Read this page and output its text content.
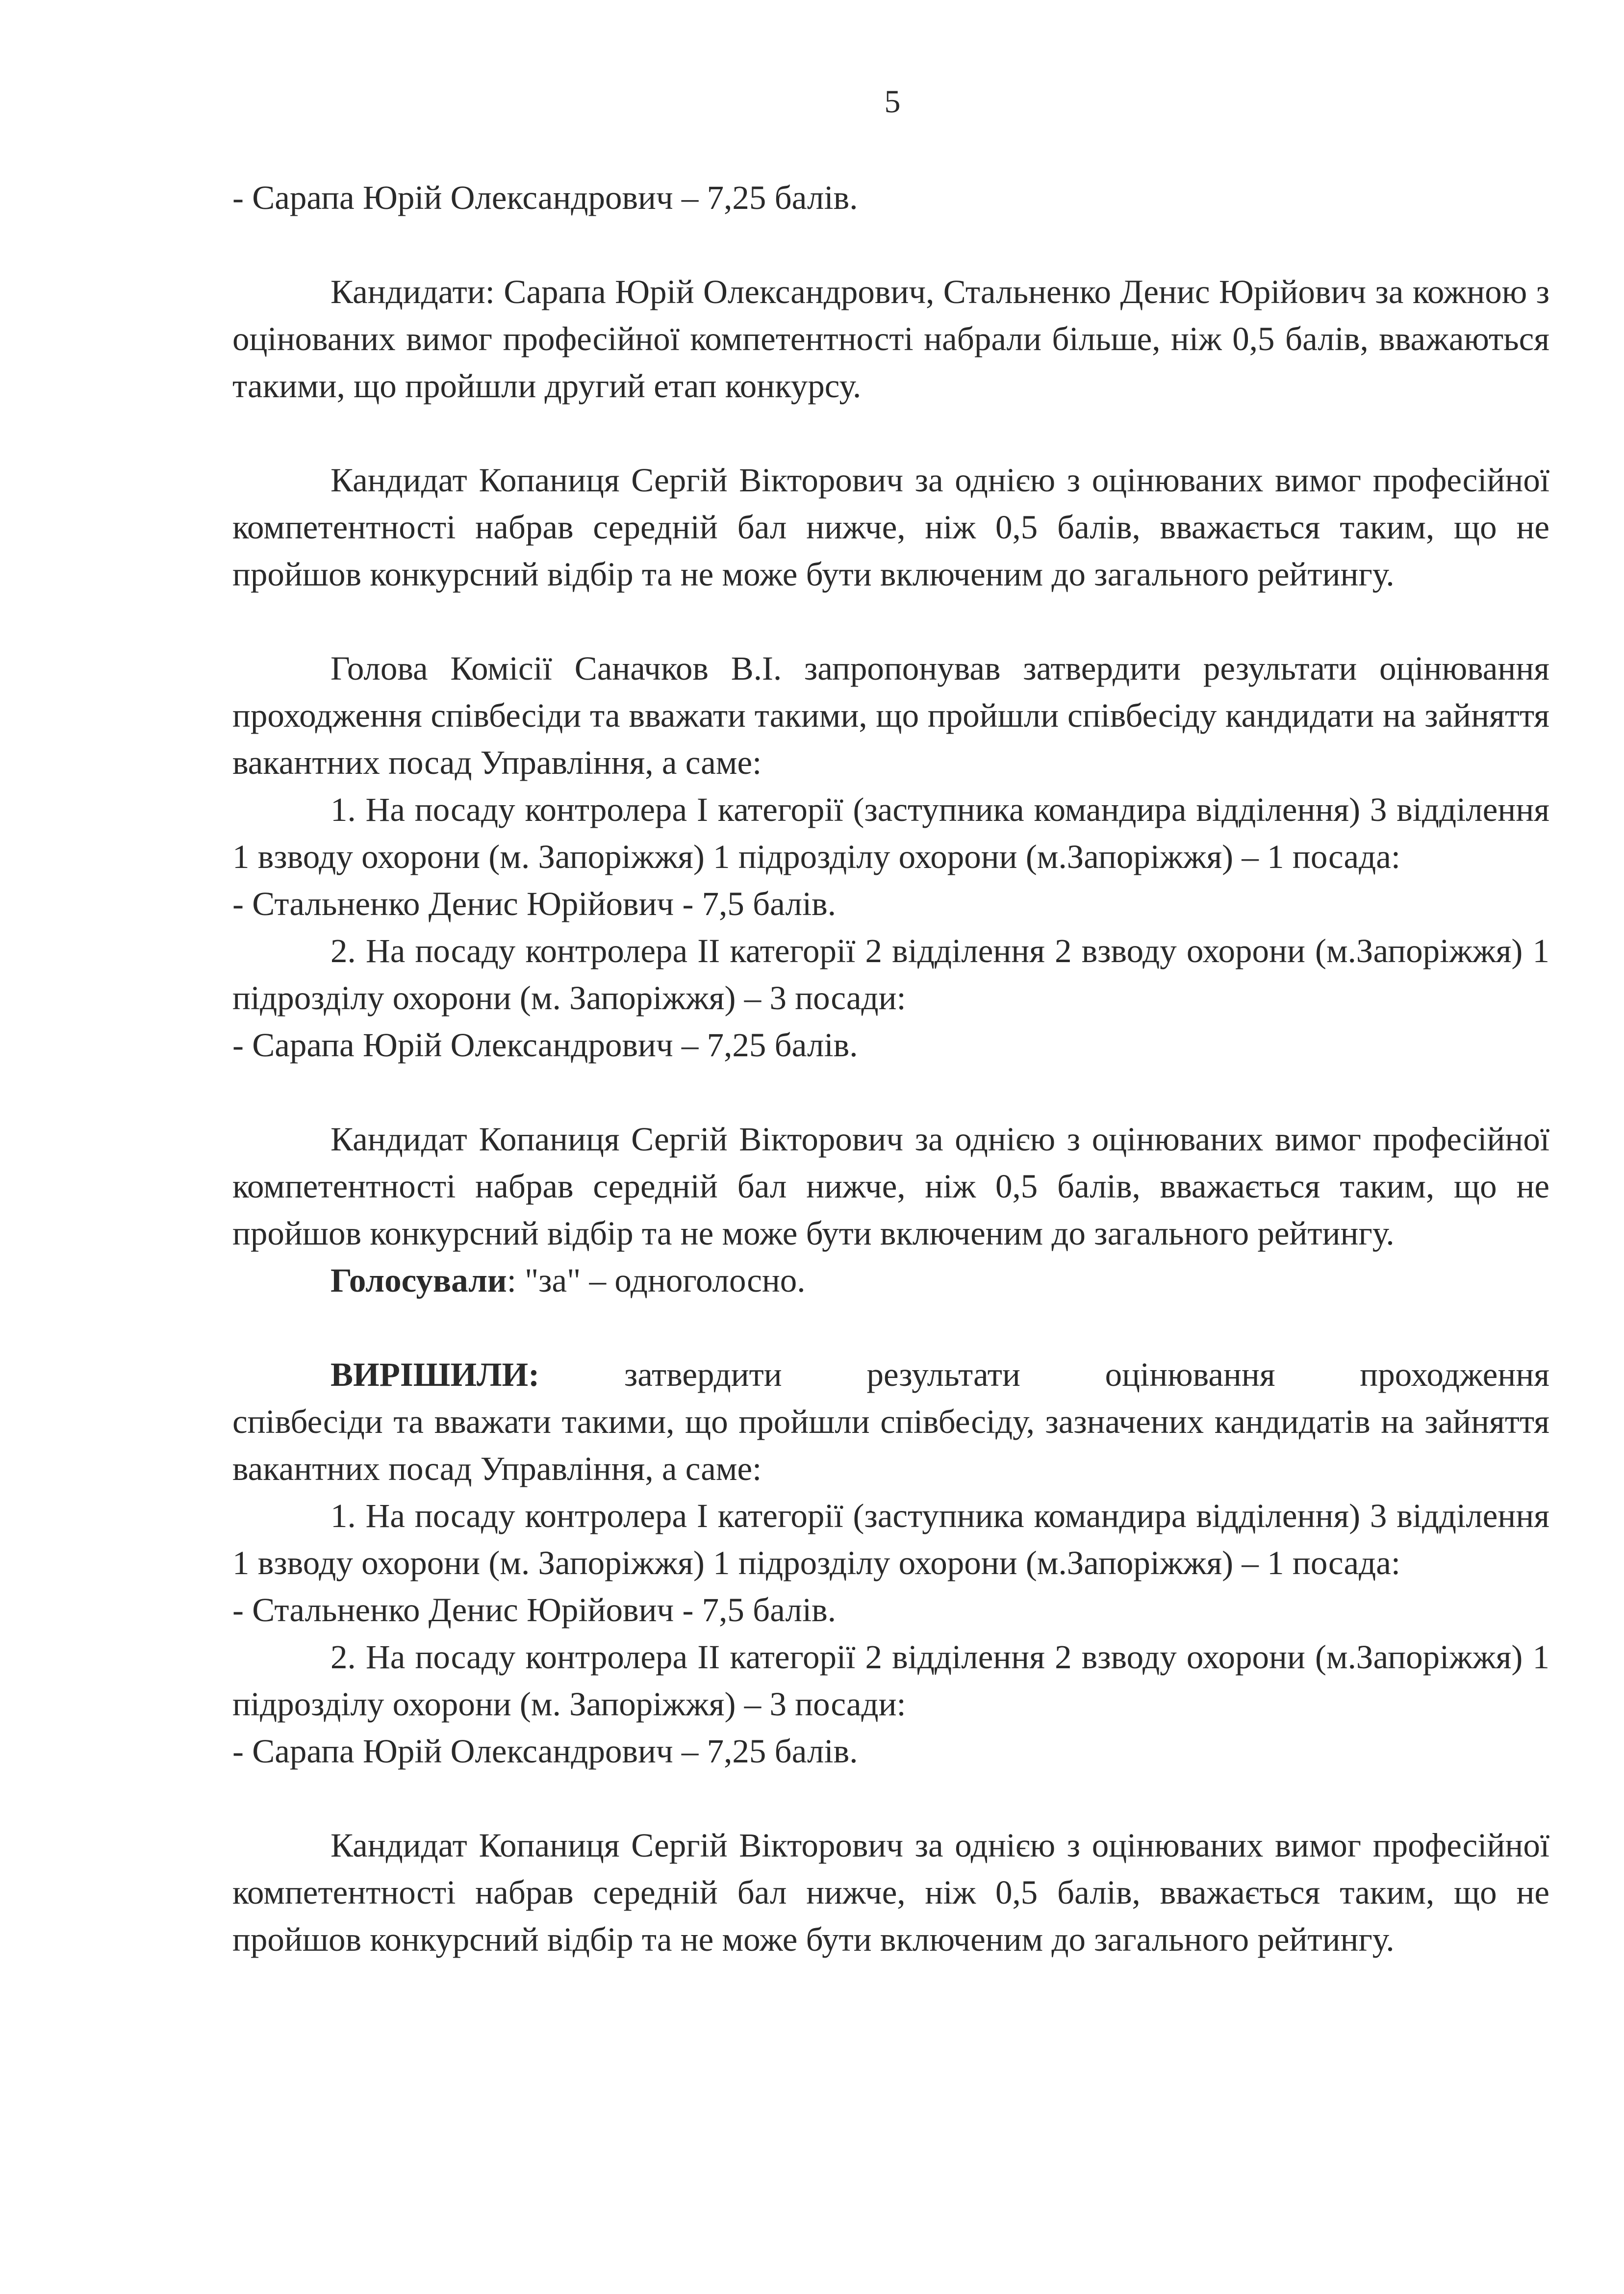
5

- Сарапа Юрій Олександрович – 7,25 балів.

Кандидати: Сарапа Юрій Олександрович, Стальненко Денис Юрійович за кожною з оцінованих вимог професійної компетентності набрали більше, ніж 0,5 балів, вважаються такими, що пройшли другий етап конкурсу.

Кандидат Копаниця Сергій Вікторович за однією з оцінюваних вимог професійної компетентності набрав середній бал нижче, ніж 0,5 балів, вважається таким, що не пройшов конкурсний відбір та не може бути включеним до загального рейтингу.

Голова Комісії Саначков В.І. запропонував затвердити результати оцінювання проходження співбесіди та вважати такими, що пройшли співбесіду кандидати на зайняття вакантних посад Управління, а саме:

1. На посаду контролера І категорії (заступника командира відділення) 3 відділення 1 взводу охорони (м. Запоріжжя) 1 підрозділу охорони (м.Запоріжжя) – 1 посада:

- Стальненко Денис Юрійович - 7,5 балів.

2. На посаду контролера ІІ категорії 2 відділення 2 взводу охорони (м.Запоріжжя) 1 підрозділу охорони (м. Запоріжжя) – 3 посади:

- Сарапа Юрій Олександрович – 7,25 балів.

Кандидат Копаниця Сергій Вікторович за однією з оцінюваних вимог професійної компетентності набрав середній бал нижче, ніж 0,5 балів, вважається таким, що не пройшов конкурсний відбір та не може бути включеним до загального рейтингу.

Голосували: "за" – одноголосно.

ВИРІШИЛИ: затвердити результати оцінювання проходження

співбесіди та вважати такими, що пройшли співбесіду, зазначених кандидатів на зайняття вакантних посад Управління, а саме:

1. На посаду контролера І категорії (заступника командира відділення) 3 відділення 1 взводу охорони (м. Запоріжжя) 1 підрозділу охорони (м.Запоріжжя) – 1 посада:

- Стальненко Денис Юрійович - 7,5 балів.

2. На посаду контролера ІІ категорії 2 відділення 2 взводу охорони (м.Запоріжжя) 1 підрозділу охорони (м. Запоріжжя) – 3 посади:

- Сарапа Юрій Олександрович – 7,25 балів.

Кандидат Копаниця Сергій Вікторович за однією з оцінюваних вимог професійної компетентності набрав середній бал нижче, ніж 0,5 балів, вважається таким, що не пройшов конкурсний відбір та не може бути включеним до загального рейтингу.
